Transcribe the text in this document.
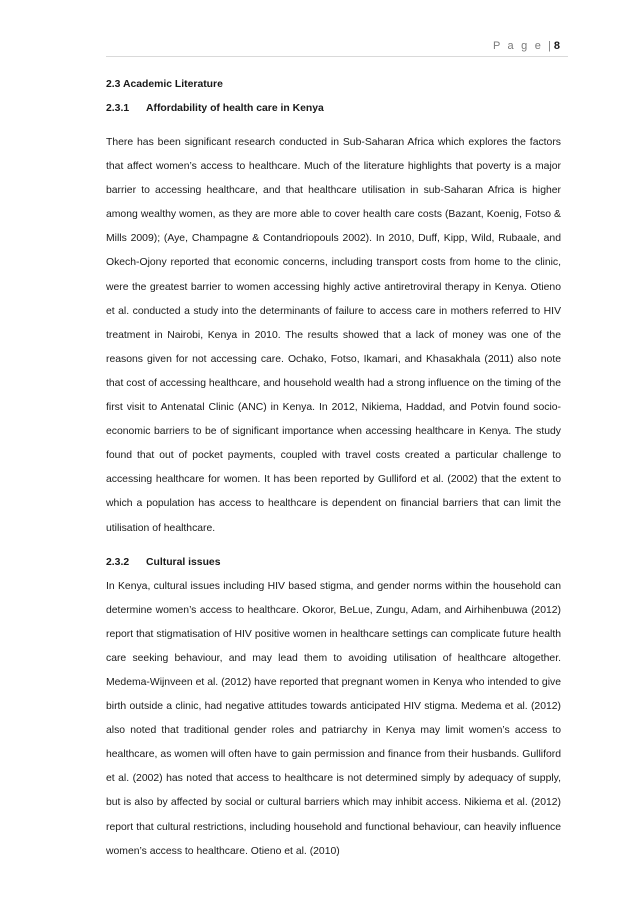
P a g e | 8
2.3 Academic Literature
2.3.1 Affordability of health care in Kenya

There has been significant research conducted in Sub-Saharan Africa which explores the factors that affect women’s access to healthcare. Much of the literature highlights that poverty is a major barrier to accessing healthcare, and that healthcare utilisation in sub-Saharan Africa is higher among wealthy women, as they are more able to cover health care costs (Bazant, Koenig, Fotso & Mills 2009); (Aye, Champagne & Contandriopouls 2002). In 2010, Duff, Kipp, Wild, Rubaale, and Okech-Ojony reported that economic concerns, including transport costs from home to the clinic, were the greatest barrier to women accessing highly active antiretroviral therapy in Kenya. Otieno et al. conducted a study into the determinants of failure to access care in mothers referred to HIV treatment in Nairobi, Kenya in 2010. The results showed that a lack of money was one of the reasons given for not accessing care. Ochako, Fotso, Ikamari, and Khasakhala (2011) also note that cost of accessing healthcare, and household wealth had a strong influence on the timing of the first visit to Antenatal Clinic (ANC) in Kenya. In 2012, Nikiema, Haddad, and Potvin found socio- economic barriers to be of significant importance when accessing healthcare in Kenya. The study found that out of pocket payments, coupled with travel costs created a particular challenge to accessing healthcare for women. It has been reported by Gulliford et al. (2002) that the extent to which a population has access to healthcare is dependent on financial barriers that can limit the utilisation of healthcare.

2.3.2 Cultural issues

In Kenya, cultural issues including HIV based stigma, and gender norms within the household can determine women’s access to healthcare. Okoror, BeLue, Zungu, Adam, and Airhihenbuwa (2012) report that stigmatisation of HIV positive women in healthcare settings can complicate future health care seeking behaviour, and may lead them to avoiding utilisation of healthcare altogether. Medema-Wijnveen et al. (2012) have reported that pregnant women in Kenya who intended to give birth outside a clinic, had negative attitudes towards anticipated HIV stigma. Medema et al. (2012) also noted that traditional gender roles and patriarchy in Kenya may limit women’s access to healthcare, as women will often have to gain permission and finance from their husbands. Gulliford et al. (2002) has noted that access to healthcare is not determined simply by adequacy of supply, but is also by affected by social or cultural barriers which may inhibit access. Nikiema et al. (2012) report that cultural restrictions, including household and functional behaviour, can heavily influence women’s access to healthcare. Otieno et al. (2010)
